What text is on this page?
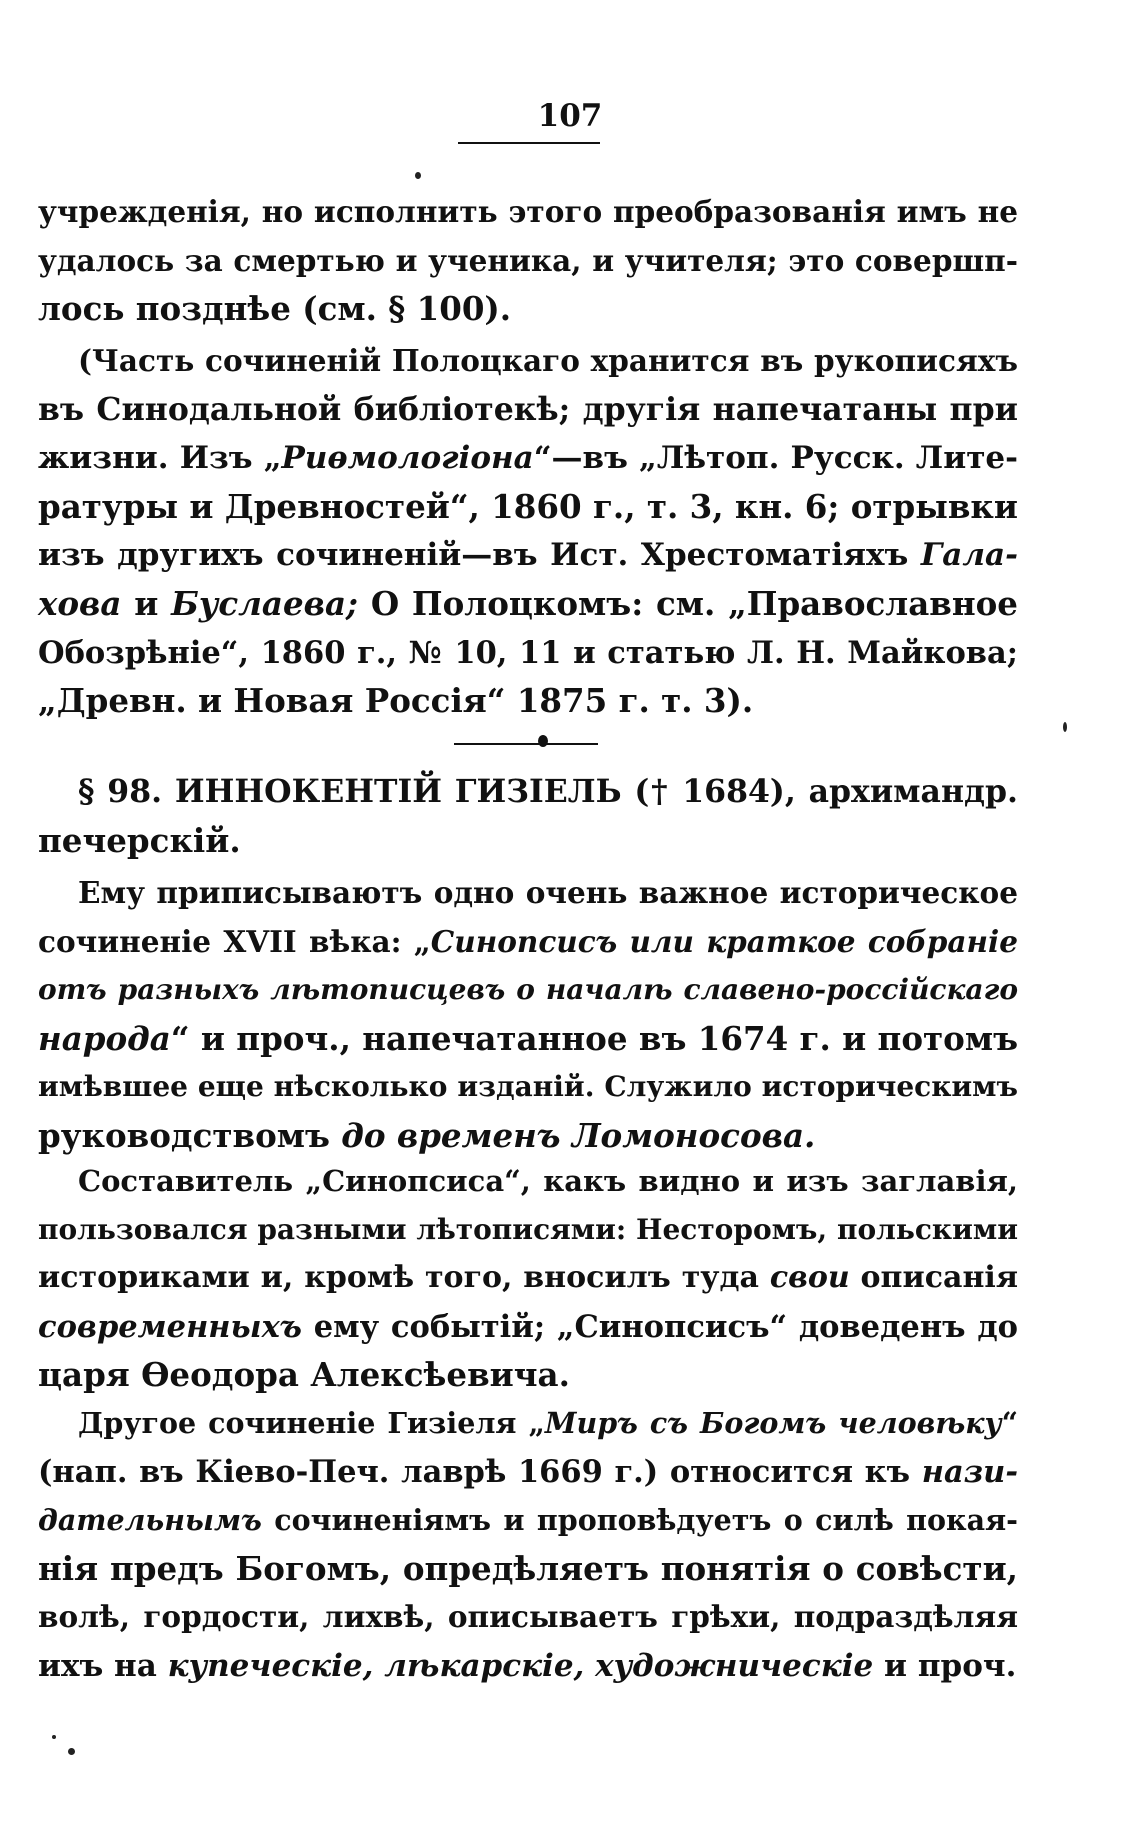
107
учрежденія, но исполнить этого преобразованія имъ не
удалось за смертью и ученика, и учителя; это совершп-
лось позднѣе (см. § 100).
(Часть сочиненій Полоцкаго хранится въ рукописяхъ
въ Синодальной библіотекѣ; другія напечатаны при
жизни. Изъ „Риѳмологіона“—въ „Лѣтоп. Русск. Лите-
ратуры и Древностей“, 1860 г., т. 3, кн. 6; отрывки
изъ другихъ сочиненій—въ Ист. Хрестоматіяхъ Гала-
хова и Буслаева; О Полоцкомъ: см. „Православное
Обозрѣніе“, 1860 г., № 10, 11 и статью Л. Н. Майкова;
„Древн. и Новая Россія“ 1875 г. т. 3).
§ 98. ИННОКЕНТІЙ ГИЗІЕЛЬ († 1684), архимандр.
печерскій.
Ему приписываютъ одно очень важное историческое
сочиненіе XVII вѣка: „Синопсисъ или краткое собраніе
отъ разныхъ лѣтописцевъ о началѣ славено-россійскаго
народа“ и проч., напечатанное въ 1674 г. и потомъ
имѣвшее еще нѣсколько изданій. Служило историческимъ
руководствомъ до временъ Ломоносова.
Составитель „Синопсиса“, какъ видно и изъ заглавія,
пользовался разными лѣтописями: Несторомъ, польскими
историками и, кромѣ того, вносилъ туда свои описанія
современныхъ ему событій; „Синопсисъ“ доведенъ до
царя Ѳеодора Алексѣевича.
Другое сочиненіе Гизіеля „Миръ съ Богомъ человѣку“
(нап. въ Кіево-Печ. лаврѣ 1669 г.) относится къ нази-
дательнымъ сочиненіямъ и проповѣдуетъ о силѣ покая-
нія предъ Богомъ, опредѣляетъ понятія о совѣсти,
волѣ, гордости, лихвѣ, описываетъ грѣхи, подраздѣляя
ихъ на купеческіе, лѣкарскіе, художническіе и проч.
